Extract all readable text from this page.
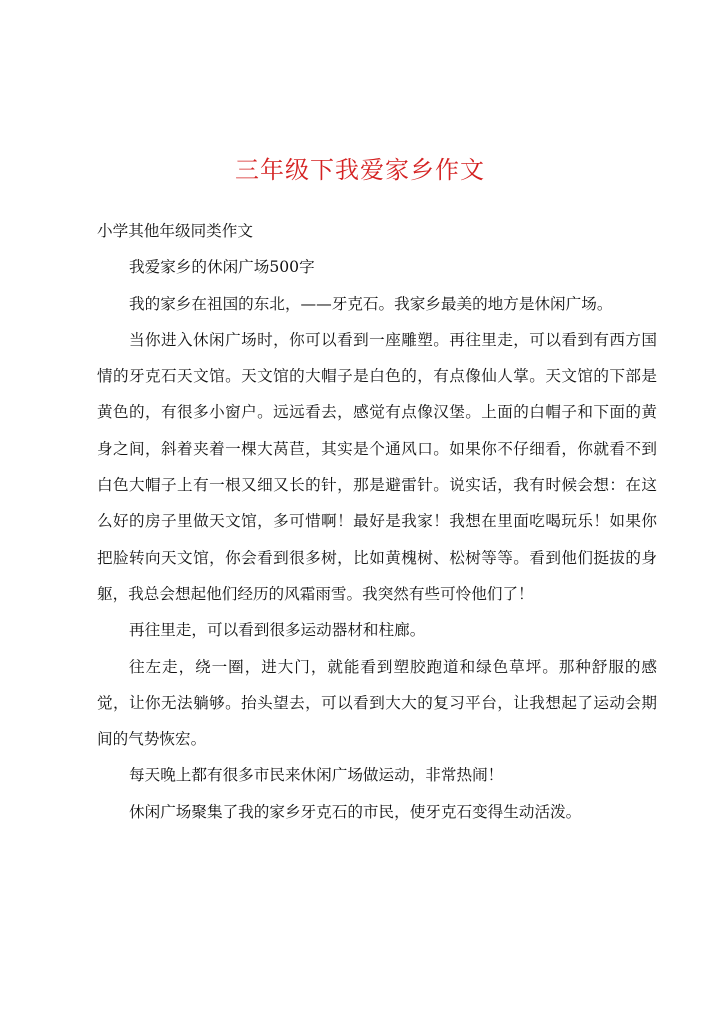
三年级下我爱家乡作文

小学其他年级同类作文

我爱家乡的休闲广场500字

我的家乡在祖国的东北，——牙克石。我家乡最美的地方是休闲广场。

当你进入休闲广场时，你可以看到一座雕塑。再往里走，可以看到有西方国情的牙克石天文馆。天文馆的大帽子是白色的，有点像仙人掌。天文馆的下部是黄色的，有很多小窗户。远远看去，感觉有点像汉堡。上面的白帽子和下面的黄身之间，斜着夹着一棵大莴苣，其实是个通风口。如果你不仔细看，你就看不到白色大帽子上有一根又细又长的针，那是避雷针。说实话，我有时候会想：在这么好的房子里做天文馆，多可惜啊！最好是我家！我想在里面吃喝玩乐！如果你把脸转向天文馆，你会看到很多树，比如黄槐树、松树等等。看到他们挺拔的身躯，我总会想起他们经历的风霜雨雪。我突然有些可怜他们了！

再往里走，可以看到很多运动器材和柱廊。

往左走，绕一圈，进大门，就能看到塑胶跑道和绿色草坪。那种舒服的感觉，让你无法躺够。抬头望去，可以看到大大的复习平台，让我想起了运动会期间的气势恢宏。

每天晚上都有很多市民来休闲广场做运动，非常热闹！

休闲广场聚集了我的家乡牙克石的市民，使牙克石变得生动活泼。
